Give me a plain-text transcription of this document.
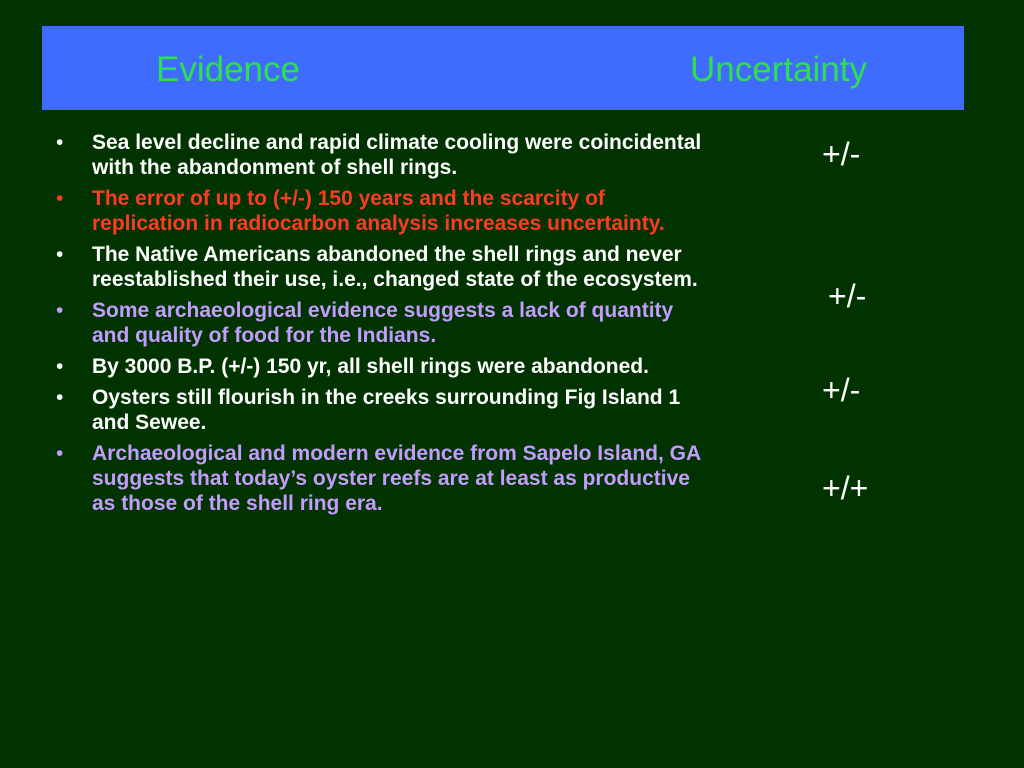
Evidence	Uncertainty
• Sea level decline and rapid climate cooling were coincidental with the abandonment of shell rings.
• The error of up to (+/-) 150 years and the scarcity of replication in radiocarbon analysis increases uncertainty.
• The Native Americans abandoned the shell rings and never reestablished their use, i.e., changed state of the ecosystem.
• Some archaeological evidence suggests a lack of quantity and quality of food for the Indians.
• By 3000 B.P. (+/-) 150 yr, all shell rings were abandoned.
• Oysters still flourish in the creeks surrounding Fig Island 1 and Sewee.
• Archaeological and modern evidence from Sapelo Island, GA suggests that today’s oyster reefs are at least as productive as those of the shell ring era.
+/-
+/-
+/-
+/+
